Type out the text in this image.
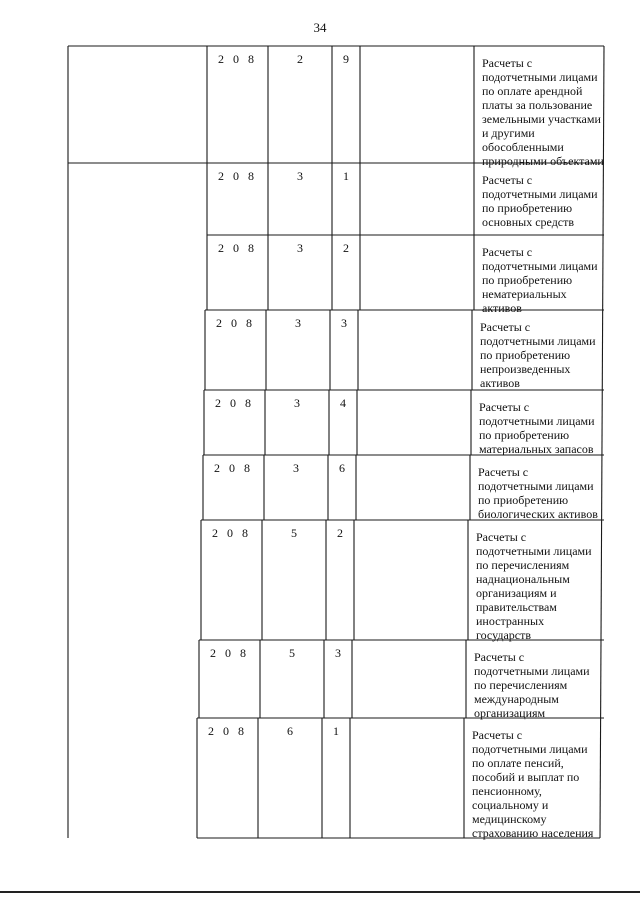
34
2 0 8	2	9	Расчеты с
подотчетными лицами
по оплате арендной
платы за пользование
земельными участками
и другими
обособленными
природными объектами
2 0 8	3	1	Расчеты с
подотчетными лицами
по приобретению
основных средств
2 0 8	3	2	Расчеты с
подотчетными лицами
по приобретению
нематериальных
активов
2 0 8	3	3	Расчеты с
подотчетными лицами
по приобретению
непроизведенных
активов
2 0 8	3	4	Расчеты с
подотчетными лицами
по приобретению
материальных запасов
2 0 8	3	6	Расчеты с
подотчетными лицами
по приобретению
биологических активов
2 0 8	5	2	Расчеты с
подотчетными лицами
по перечислениям
наднациональным
организациям и
правительствам
иностранных
государств
2 0 8	5	3	Расчеты с
подотчетными лицами
по перечислениям
международным
организациям
2 0 8	6	1	Расчеты с
подотчетными лицами
по оплате пенсий,
пособий и выплат по
пенсионному,
социальному и
медицинскому
страхованию населения
